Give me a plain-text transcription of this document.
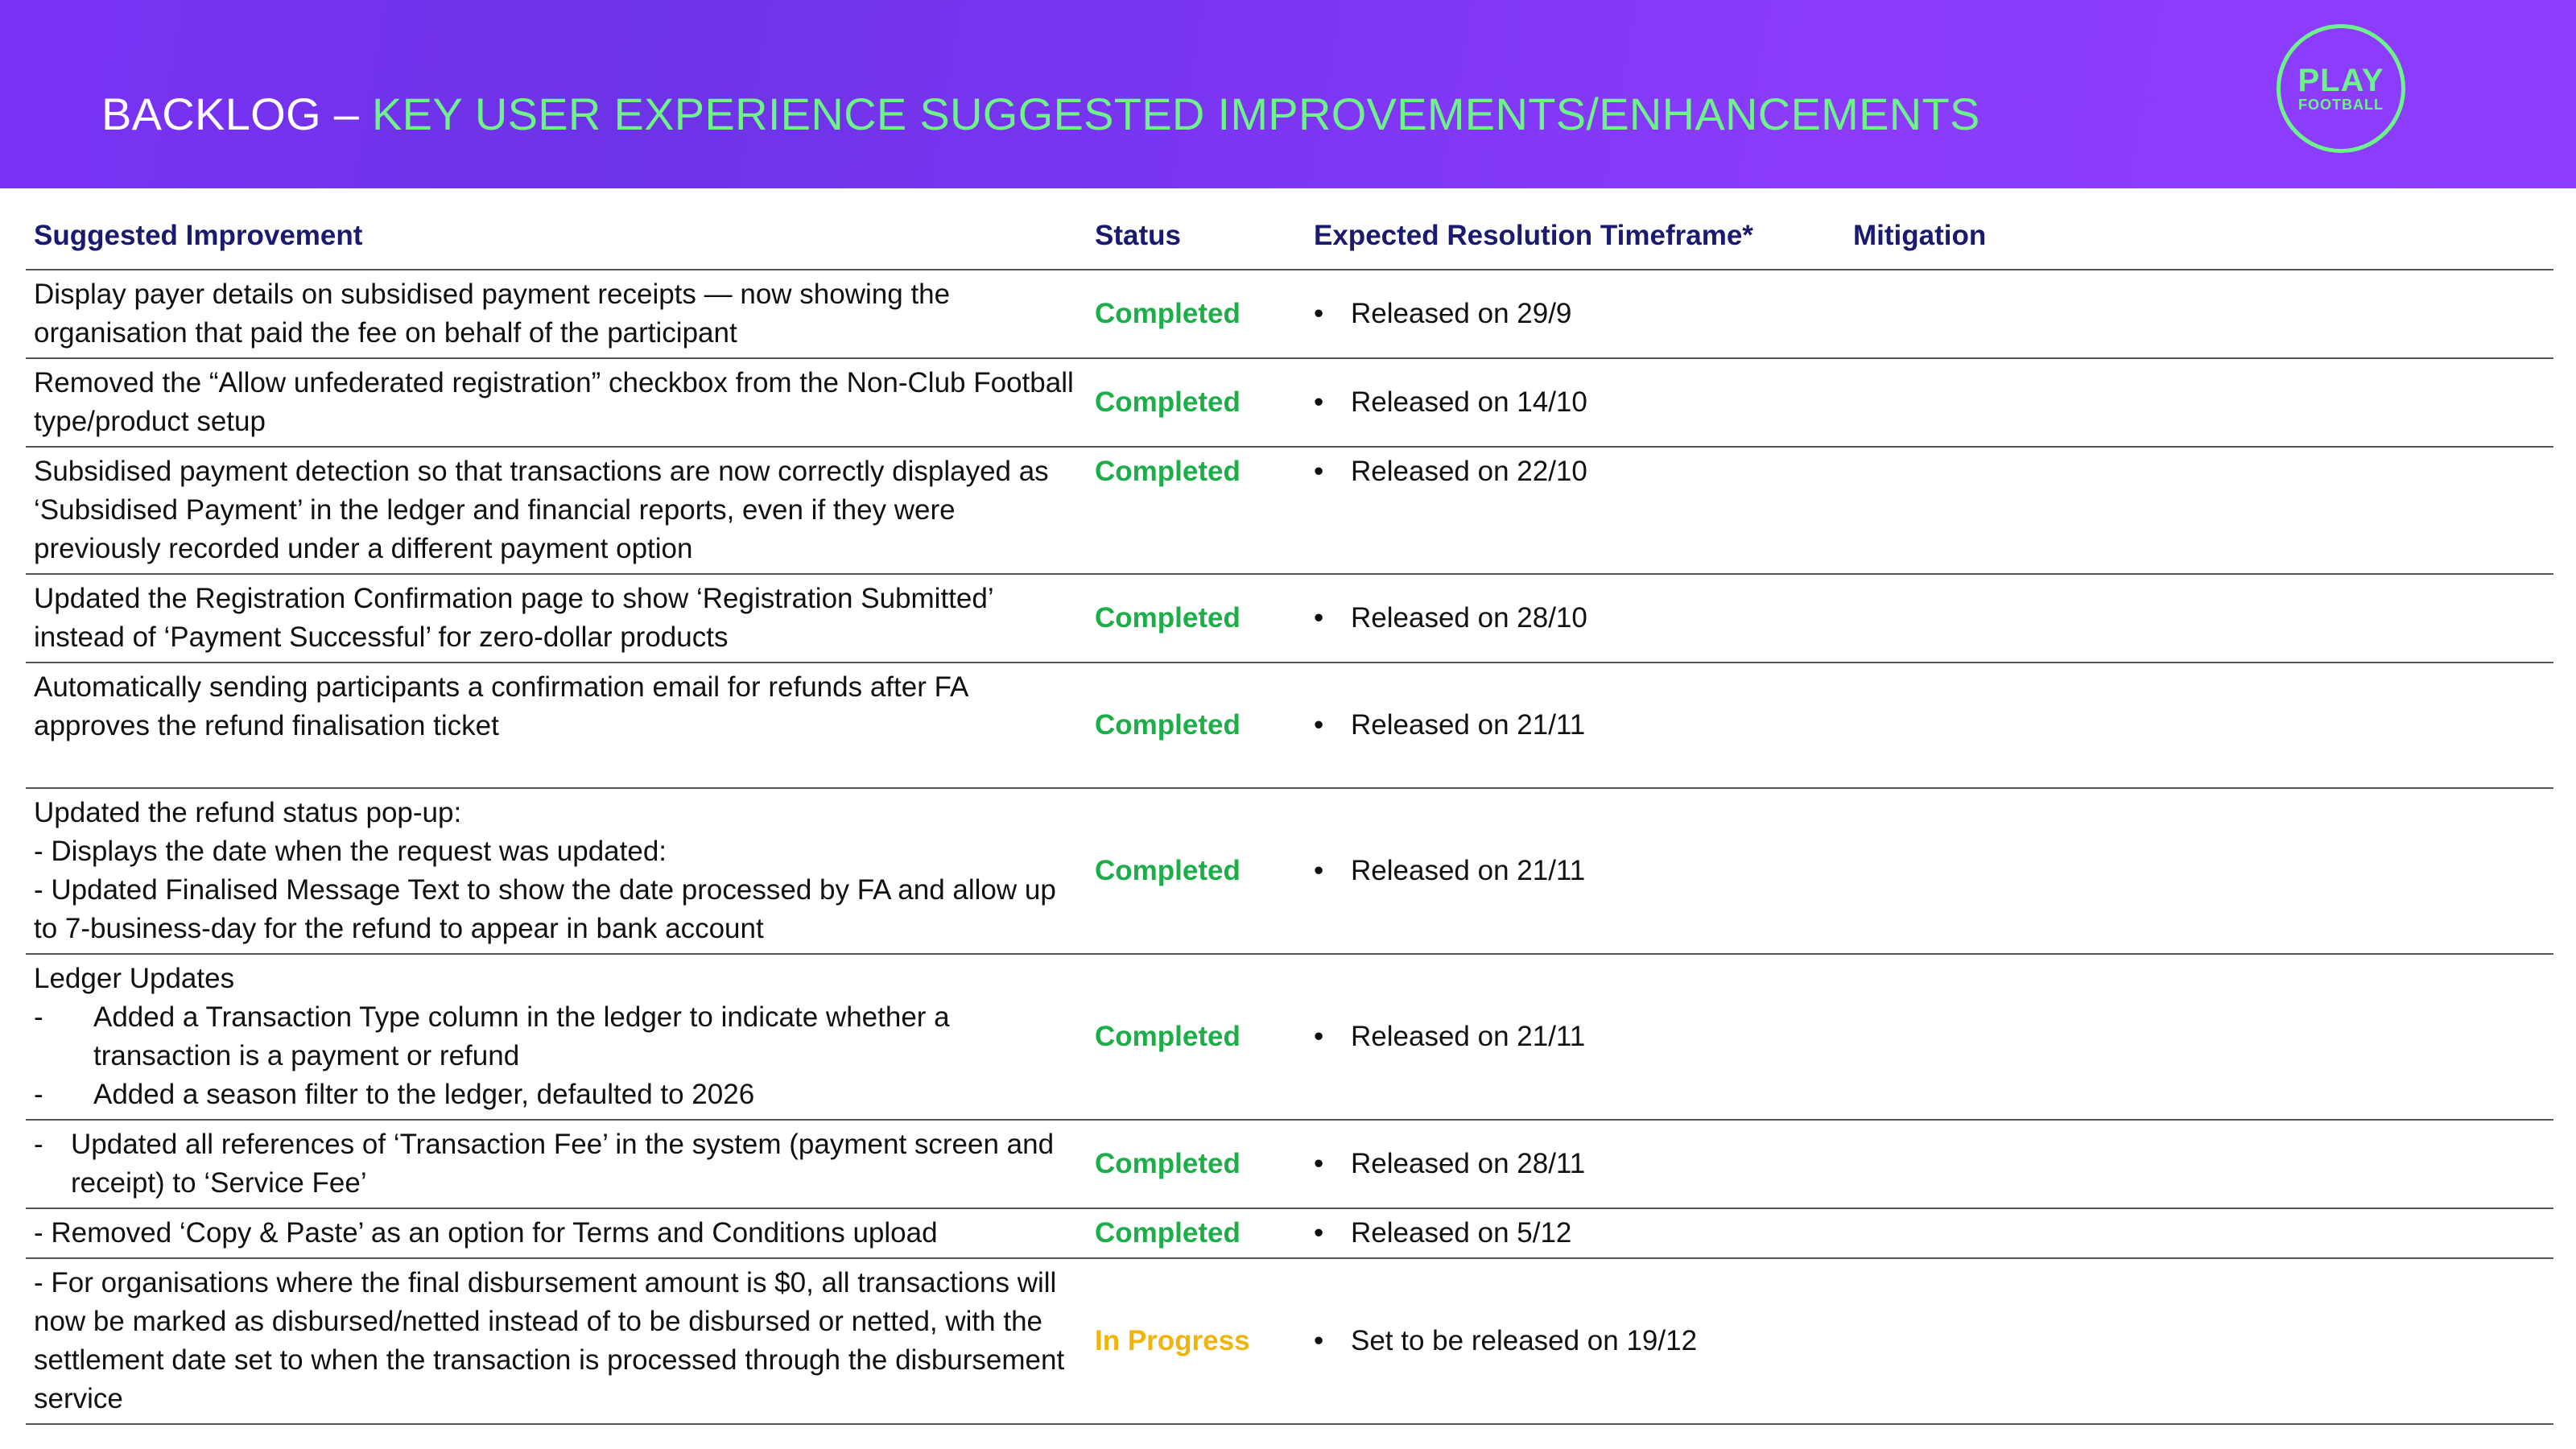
BACKLOG – KEY USER EXPERIENCE SUGGESTED IMPROVEMENTS/ENHANCEMENTS
PLAY
FOOTBALL
Suggested Improvement	Status	Expected Resolution Timeframe*	Mitigation
Display payer details on subsidised payment receipts — now showing the organisation that paid the fee on behalf of the participant	Completed	• Released on 29/9	
Removed the “Allow unfederated registration” checkbox from the Non-Club Football type/product setup	Completed	• Released on 14/10	
Subsidised payment detection so that transactions are now correctly displayed as ‘Subsidised Payment’ in the ledger and financial reports, even if they were previously recorded under a different payment option	Completed	• Released on 22/10	
Updated the Registration Confirmation page to show ‘Registration Submitted’ instead of ‘Payment Successful’ for zero-dollar products	Completed	• Released on 28/10	
Automatically sending participants a confirmation email for refunds after FA approves the refund finalisation ticket	Completed	• Released on 21/11	

Updated the refund status pop-up:
- Displays the date when the request was updated:
- Updated Finalised Message Text to show the date processed by FA and allow up to 7-business-day for the refund to appear in bank account	Completed	• Released on 21/11	

Ledger Updates
- Added a Transaction Type column in the ledger to indicate whether a transaction is a payment or refund
- Added a season filter to the ledger, defaulted to 2026	Completed	• Released on 21/11	

- Updated all references of ‘Transaction Fee’ in the system (payment screen and receipt) to ‘Service Fee’	Completed	• Released on 28/11	
- Removed ‘Copy & Paste’ as an option for Terms and Conditions upload	Completed	• Released on 5/12	
- For organisations where the final disbursement amount is $0, all transactions will now be marked as disbursed/netted instead of to be disbursed or netted, with the settlement date set to when the transaction is processed through the disbursement service	In Progress	• Set to be released on 19/12	
